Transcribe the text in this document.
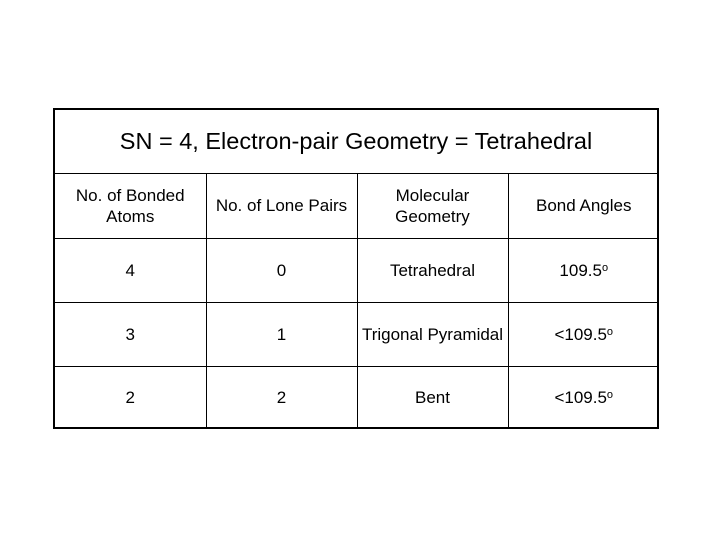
SN = 4, Electron-pair Geometry = Tetrahedral
No. of Bonded Atoms	No. of Lone Pairs	Molecular Geometry	Bond Angles
4	0	Tetrahedral	109.5$^o$
3	1	Trigonal Pyramidal	$<109.5^o$
2	2	Bent	$<109.5^o$
